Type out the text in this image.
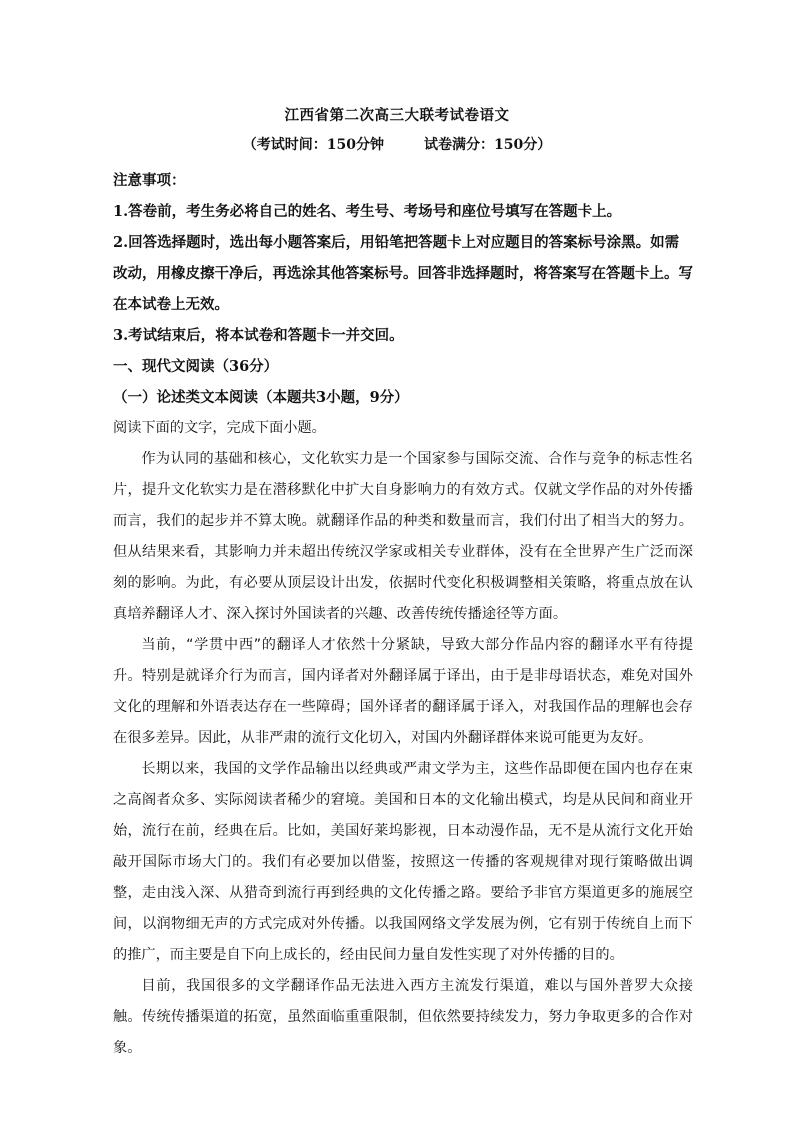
江西省第二次高三大联考试卷语文
（考试时间：150分钟	试卷满分：150分）

注意事项：

1.答卷前，考生务必将自己的姓名、考生号、考场号和座位号填写在答题卡上。

2.回答选择题时，选出每小题答案后，用铅笔把答题卡上对应题目的答案标号涂黑。如需改动，用橡皮擦干净后，再选涂其他答案标号。回答非选择题时，将答案写在答题卡上。写在本试卷上无效。

3.考试结束后，将本试卷和答题卡一并交回。

一、现代文阅读（36分）

（一）论述类文本阅读（本题共3小题，9分）

阅读下面的文字，完成下面小题。

作为认同的基础和核心，文化软实力是一个国家参与国际交流、合作与竞争的标志性名片，提升文化软实力是在潜移默化中扩大自身影响力的有效方式。仅就文学作品的对外传播而言，我们的起步并不算太晚。就翻译作品的种类和数量而言，我们付出了相当大的努力。但从结果来看，其影响力并未超出传统汉学家或相关专业群体，没有在全世界产生广泛而深刻的影响。为此，有必要从顶层设计出发，依据时代变化积极调整相关策略，将重点放在认真培养翻译人才、深入探讨外国读者的兴趣、改善传统传播途径等方面。

当前，“学贯中西”的翻译人才依然十分紧缺，导致大部分作品内容的翻译水平有待提升。特别是就译介行为而言，国内译者对外翻译属于译出，由于是非母语状态，难免对国外文化的理解和外语表达存在一些障碍；国外译者的翻译属于译入，对我国作品的理解也会存在很多差异。因此，从非严肃的流行文化切入，对国内外翻译群体来说可能更为友好。

长期以来，我国的文学作品输出以经典或严肃文学为主，这些作品即便在国内也存在束之高阁者众多、实际阅读者稀少的窘境。美国和日本的文化输出模式，均是从民间和商业开始，流行在前，经典在后。比如，美国好莱坞影视，日本动漫作品，无不是从流行文化开始敲开国际市场大门的。我们有必要加以借鉴，按照这一传播的客观规律对现行策略做出调整，走由浅入深、从猎奇到流行再到经典的文化传播之路。要给予非官方渠道更多的施展空间，以润物细无声的方式完成对外传播。以我国网络文学发展为例，它有别于传统自上而下的推广，而主要是自下向上成长的，经由民间力量自发性实现了对外传播的目的。

目前，我国很多的文学翻译作品无法进入西方主流发行渠道，难以与国外普罗大众接触。传统传播渠道的拓宽，虽然面临重重限制，但依然要持续发力，努力争取更多的合作对象。
